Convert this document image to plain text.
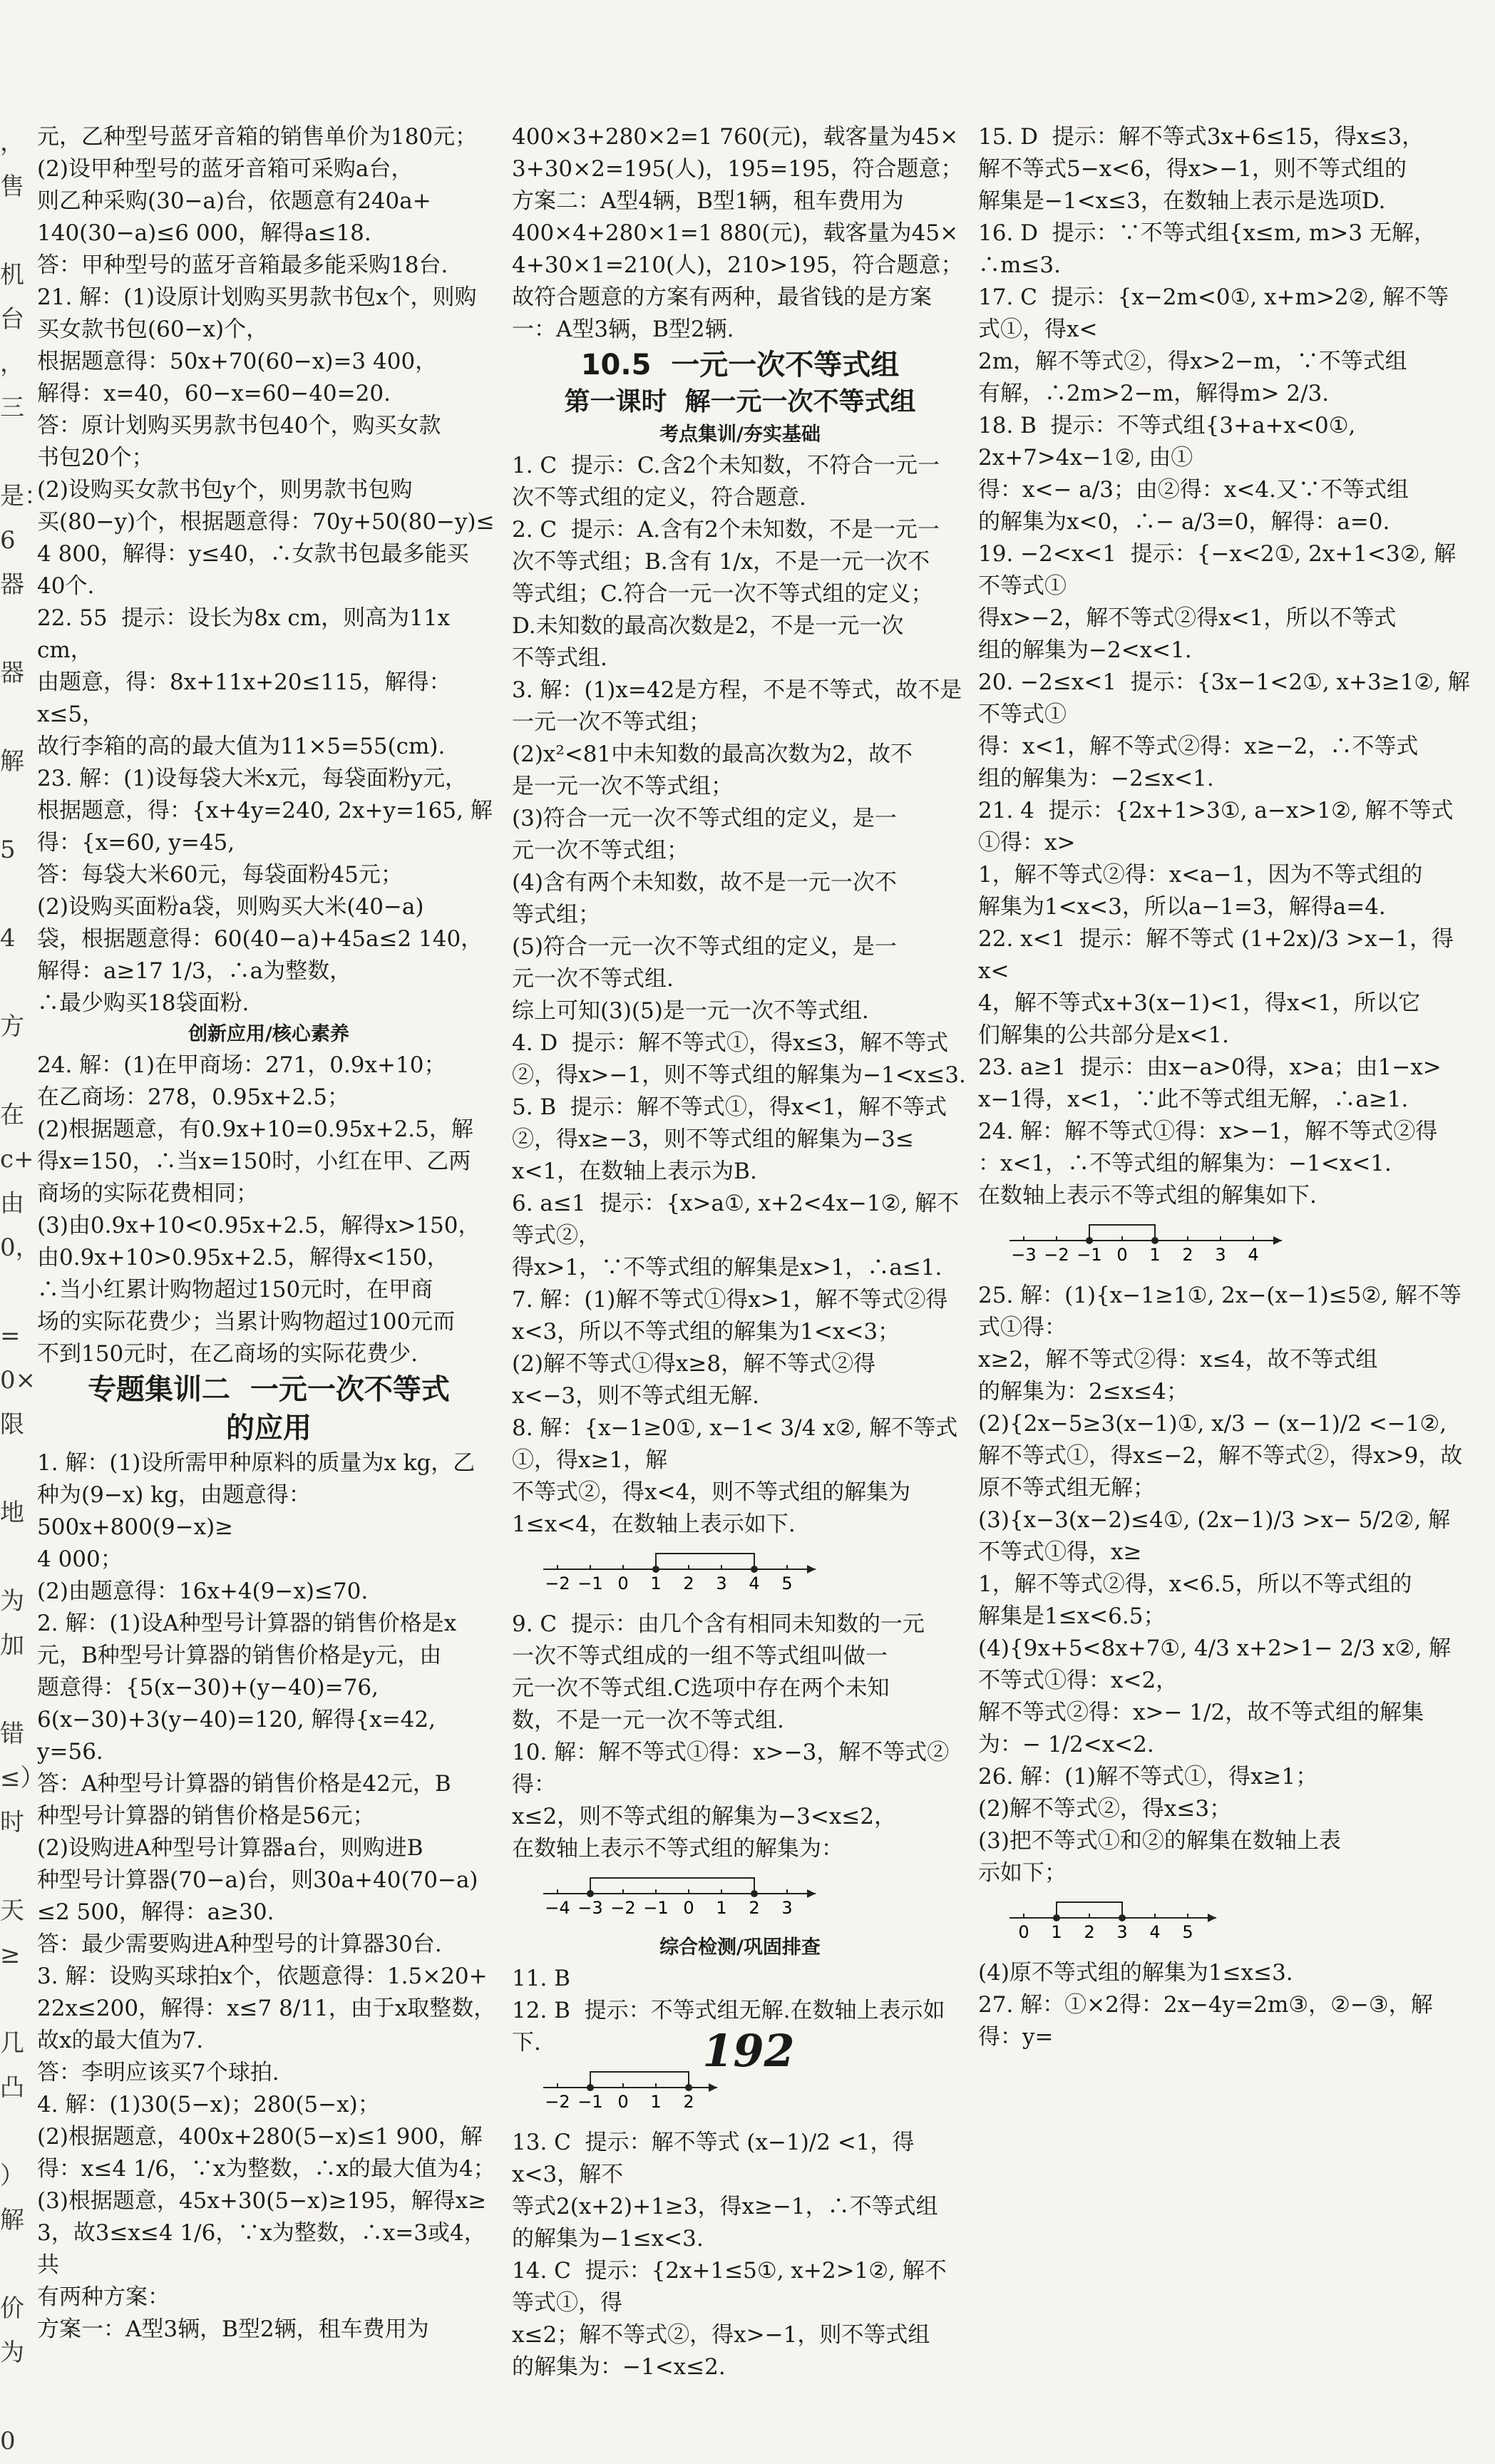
，
售
机
台
，
三
是：
6
器
器
解
5
4
方
在
c+
由
0，
=
0×
限
地
为
加
错
≤）
时
天
≥
几
凸
）
解
价
为
0
元，乙种型号蓝牙音箱的销售单价为180元；
(2)设甲种型号的蓝牙音箱可采购a台，
则乙种采购(30−a)台，依题意有240a+
140(30−a)≤6 000，解得a≤18.
答：甲种型号的蓝牙音箱最多能采购18台.
21. 解：(1)设原计划购买男款书包x个，则购
买女款书包(60−x)个，
根据题意得：50x+70(60−x)=3 400，
解得：x=40，60−x=60−40=20.
答：原计划购买男款书包40个，购买女款
书包20个；
(2)设购买女款书包y个，则男款书包购
买(80−y)个，根据题意得：70y+50(80−y)≤
4 800，解得：y≤40，∴女款书包最多能买
40个.
22. 55  提示：设长为8x cm，则高为11x cm，
由题意，得：8x+11x+20≤115，解得：x≤5，
故行李箱的高的最大值为11×5=55(cm).
23. 解：(1)设每袋大米x元，每袋面粉y元，
根据题意，得：{x+4y=240, 2x+y=165, 解得：{x=60, y=45,
答：每袋大米60元，每袋面粉45元；
(2)设购买面粉a袋，则购买大米(40−a)
袋，根据题意得：60(40−a)+45a≤2 140，
解得：a≥17 1/3，∴a为整数，
∴最少购买18袋面粉.
创新应用/核心素养
24. 解：(1)在甲商场：271，0.9x+10；
在乙商场：278，0.95x+2.5；
(2)根据题意，有0.9x+10=0.95x+2.5，解
得x=150，∴当x=150时，小红在甲、乙两
商场的实际花费相同；
(3)由0.9x+10<0.95x+2.5，解得x>150，
由0.9x+10>0.95x+2.5，解得x<150，
∴当小红累计购物超过150元时，在甲商
场的实际花费少；当累计购物超过100元而
不到150元时，在乙商场的实际花费少.
专题集训二  一元一次不等式
的应用
1. 解：(1)设所需甲种原料的质量为x kg，乙
种为(9−x) kg，由题意得：500x+800(9−x)≥
4 000；
(2)由题意得：16x+4(9−x)≤70.
2. 解：(1)设A种型号计算器的销售价格是x
元，B种型号计算器的销售价格是y元，由
题意得：{5(x−30)+(y−40)=76, 6(x−30)+3(y−40)=120, 解得{x=42, y=56.
答：A种型号计算器的销售价格是42元，B
种型号计算器的销售价格是56元；
(2)设购进A种型号计算器a台，则购进B
种型号计算器(70−a)台，则30a+40(70−a)
≤2 500，解得：a≥30.
答：最少需要购进A种型号的计算器30台.
3. 解：设购买球拍x个，依题意得：1.5×20+
22x≤200，解得：x≤7 8/11，由于x取整数，
故x的最大值为7.
答：李明应该买7个球拍.
4. 解：(1)30(5−x)；280(5−x)；
(2)根据题意，400x+280(5−x)≤1 900，解
得：x≤4 1/6，∵x为整数，∴x的最大值为4；
(3)根据题意，45x+30(5−x)≥195，解得x≥
3，故3≤x≤4 1/6，∵x为整数，∴x=3或4，共
有两种方案：
方案一：A型3辆，B型2辆，租车费用为
400×3+280×2=1 760(元)，载客量为45×
3+30×2=195(人)，195=195，符合题意；
方案二：A型4辆，B型1辆，租车费用为
400×4+280×1=1 880(元)，载客量为45×
4+30×1=210(人)，210>195，符合题意；
故符合题意的方案有两种，最省钱的是方案
一：A型3辆，B型2辆.
10.5  一元一次不等式组
第一课时  解一元一次不等式组
考点集训/夯实基础
1. C  提示：C.含2个未知数，不符合一元一
次不等式组的定义，符合题意.
2. C  提示：A.含有2个未知数，不是一元一
次不等式组；B.含有 1/x，不是一元一次不
等式组；C.符合一元一次不等式组的定义；
D.未知数的最高次数是2，不是一元一次
不等式组.
3. 解：(1)x=42是方程，不是不等式，故不是
一元一次不等式组；
(2)x²<81中未知数的最高次数为2，故不
是一元一次不等式组；
(3)符合一元一次不等式组的定义，是一
元一次不等式组；
(4)含有两个未知数，故不是一元一次不
等式组；
(5)符合一元一次不等式组的定义，是一
元一次不等式组.
综上可知(3)(5)是一元一次不等式组.
4. D  提示：解不等式①，得x≤3，解不等式
②，得x>−1，则不等式组的解集为−1<x≤3.
5. B  提示：解不等式①，得x<1，解不等式
②，得x≥−3，则不等式组的解集为−3≤
x<1，在数轴上表示为B.
6. a≤1  提示：{x>a①, x+2<4x−1②, 解不等式②，
得x>1，∵不等式组的解集是x>1，∴a≤1.
7. 解：(1)解不等式①得x>1，解不等式②得
x<3，所以不等式组的解集为1<x<3；
(2)解不等式①得x≥8，解不等式②得
x<−3，则不等式组无解.
8. 解：{x−1≥0①, x−1< 3/4 x②, 解不等式①，得x≥1，解
不等式②，得x<4，则不等式组的解集为
1≤x<4，在数轴上表示如下.
−2 −1 0 1 2 3 4 5
9. C  提示：由几个含有相同未知数的一元
一次不等式组成的一组不等式组叫做一
元一次不等式组.C选项中存在两个未知
数，不是一元一次不等式组.
10. 解：解不等式①得：x>−3，解不等式②得：
x≤2，则不等式组的解集为−3<x≤2，
在数轴上表示不等式组的解集为：
−4 −3 −2 −1 0 1 2 3
综合检测/巩固排查
11. B
12. B  提示：不等式组无解.在数轴上表示如下.
−2 −1 0 1 2
13. C  提示：解不等式 (x−1)/2 <1，得x<3，解不
等式2(x+2)+1≥3，得x≥−1，∴不等式组
的解集为−1≤x<3.
14. C  提示：{2x+1≤5①, x+2>1②, 解不等式①，得
x≤2；解不等式②，得x>−1，则不等式组
的解集为：−1<x≤2.
15. D  提示：解不等式3x+6≤15，得x≤3，
解不等式5−x<6，得x>−1，则不等式组的
解集是−1<x≤3，在数轴上表示是选项D.
16. D  提示：∵不等式组{x≤m, m>3 无解，∴m≤3.
17. C  提示：{x−2m<0①, x+m>2②, 解不等式①，得x<
2m，解不等式②，得x>2−m，∵不等式组
有解，∴2m>2−m，解得m> 2/3.
18. B  提示：不等式组{3+a+x<0①, 2x+7>4x−1②, 由①
得：x<− a/3；由②得：x<4.又∵不等式组
的解集为x<0，∴− a/3=0，解得：a=0.
19. −2<x<1  提示：{−x<2①, 2x+1<3②, 解不等式①
得x>−2，解不等式②得x<1，所以不等式
组的解集为−2<x<1.
20. −2≤x<1  提示：{3x−1<2①, x+3≥1②, 解不等式①
得：x<1，解不等式②得：x≥−2，∴不等式
组的解集为：−2≤x<1.
21. 4  提示：{2x+1>3①, a−x>1②, 解不等式①得：x>
1，解不等式②得：x<a−1，因为不等式组的
解集为1<x<3，所以a−1=3，解得a=4.
22. x<1  提示：解不等式 (1+2x)/3 >x−1，得x<
4，解不等式x+3(x−1)<1，得x<1，所以它
们解集的公共部分是x<1.
23. a≥1  提示：由x−a>0得，x>a；由1−x>
x−1得，x<1，∵此不等式组无解，∴a≥1.
24. 解：解不等式①得：x>−1，解不等式②得
：x<1，∴不等式组的解集为：−1<x<1.
在数轴上表示不等式组的解集如下.
−3 −2 −1 0 1 2 3 4
25. 解：(1){x−1≥1①, 2x−(x−1)≤5②, 解不等式①得：
x≥2，解不等式②得：x≤4，故不等式组
的解集为：2≤x≤4；
(2){2x−5≥3(x−1)①, x/3 − (x−1)/2 <−1②,
解不等式①，得x≤−2，解不等式②，得x>9，故
原不等式组无解；
(3){x−3(x−2)≤4①, (2x−1)/3 >x− 5/2②, 解不等式①得，x≥
1，解不等式②得，x<6.5，所以不等式组的
解集是1≤x<6.5；
(4){9x+5<8x+7①, 4/3 x+2>1− 2/3 x②, 解不等式①得：x<2，
解不等式②得：x>− 1/2，故不等式组的解集
为：− 1/2<x<2.
26. 解：(1)解不等式①，得x≥1；
(2)解不等式②，得x≤3；
(3)把不等式①和②的解集在数轴上表
示如下；
0 1 2 3 4 5
(4)原不等式组的解集为1≤x≤3.
27. 解：①×2得：2x−4y=2m③，②−③，解得：y=
192
